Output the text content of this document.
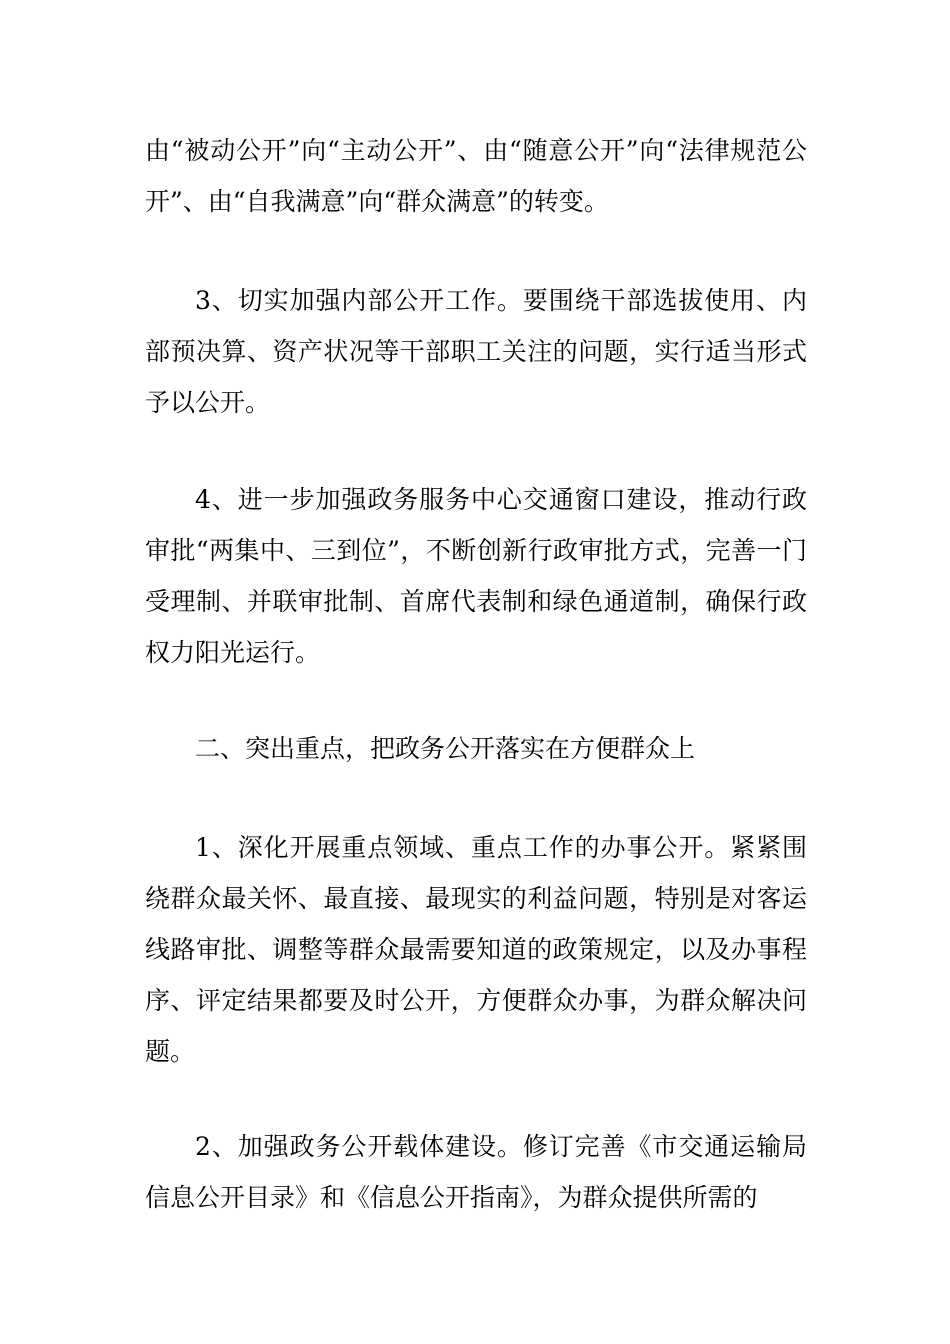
由“被动公开”向“主动公开”、由“随意公开”向“法律规范公开”、由“自我满意”向“群众满意”的转变。

3、切实加强内部公开工作。要围绕干部选拔使用、内部预决算、资产状况等干部职工关注的问题，实行适当形式予以公开。

4、进一步加强政务服务中心交通窗口建设，推动行政审批“两集中、三到位”，不断创新行政审批方式，完善一门受理制、并联审批制、首席代表制和绿色通道制，确保行政权力阳光运行。

二、突出重点，把政务公开落实在方便群众上

1、深化开展重点领域、重点工作的办事公开。紧紧围绕群众最关怀、最直接、最现实的利益问题，特别是对客运线路审批、调整等群众最需要知道的政策规定，以及办事程序、评定结果都要及时公开，方便群众办事，为群众解决问题。

2、加强政务公开载体建设。修订完善《市交通运输局信息公开目录》和《信息公开指南》，为群众提供所需的
